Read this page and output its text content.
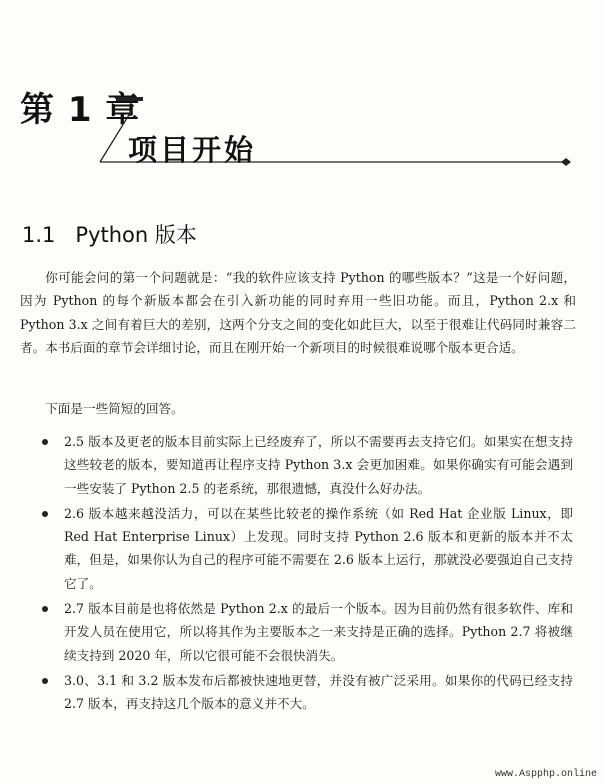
第 1 章
项目开始
1.1 Python 版本

你可能会问的第一个问题就是：“我的软件应该支持 Python 的哪些版本？”这是一个好问题，因为 Python 的每个新版本都会在引入新功能的同时弃用一些旧功能。而且，Python 2.x 和 Python 3.x 之间有着巨大的差别，这两个分支之间的变化如此巨大，以至于很难让代码同时兼容二者。本书后面的章节会详细讨论，而且在刚开始一个新项目的时候很难说哪个版本更合适。

下面是一些简短的回答。

2.5 版本及更老的版本目前实际上已经废弃了，所以不需要再去支持它们。如果实在想支持这些较老的版本，要知道再让程序支持 Python 3.x 会更加困难。如果你确实有可能会遇到一些安装了 Python 2.5 的老系统，那很遗憾，真没什么好办法。
2.6 版本越来越没活力，可以在某些比较老的操作系统（如 Red Hat 企业版 Linux，即 Red Hat Enterprise Linux）上发现。同时支持 Python 2.6 版本和更新的版本并不太难，但是，如果你认为自己的程序可能不需要在 2.6 版本上运行，那就没必要强迫自己支持它了。
2.7 版本目前是也将依然是 Python 2.x 的最后一个版本。因为目前仍然有很多软件、库和开发人员在使用它，所以将其作为主要版本之一来支持是正确的选择。Python 2.7 将被继续支持到 2020 年，所以它很可能不会很快消失。
3.0、3.1 和 3.2 版本发布后都被快速地更替，并没有被广泛采用。如果你的代码已经支持 2.7 版本，再支持这几个版本的意义并不大。
www.Aspphp.online
